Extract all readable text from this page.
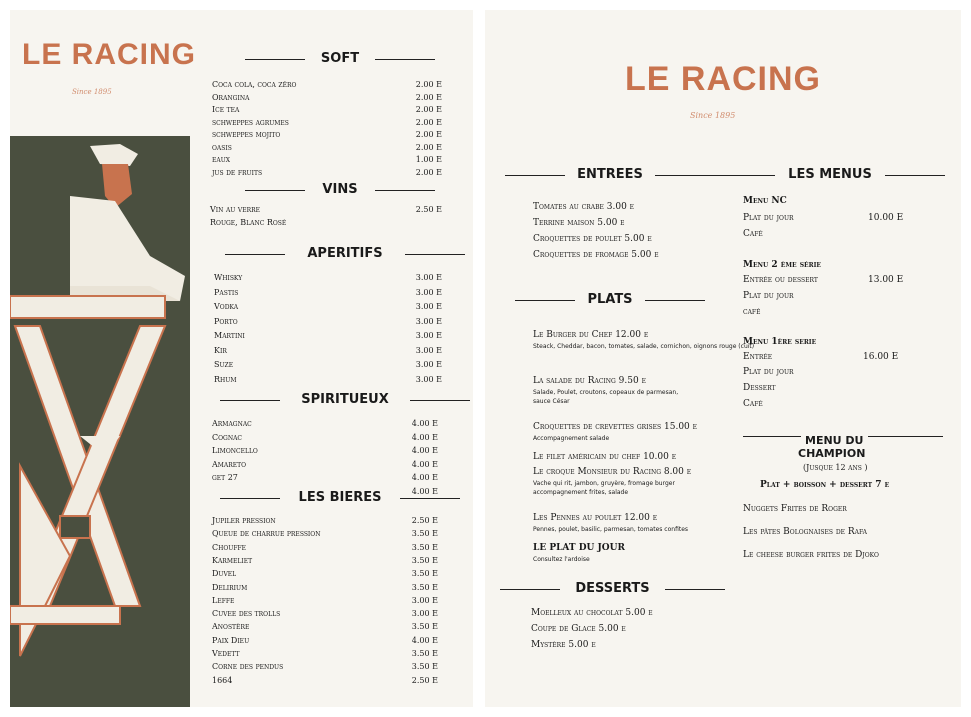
LE RACING
Since 1895
SOFT
VINS
APERITIFS
SPIRITUEUX
LES BIERES
Coca cola, coca zêro	2.00 E
Orangina	2.00 E
Ice tea	2.00 E
schweppes agrumes	2.00 E
schweppes mojito	2.00 E
oasis	2.00 E
eaux	1.00 E
jus de fruits	2.00 E
Vin au verre	2.50 E
Rouge, Blanc Rosé
Whisky	3.00 E
Pastis	3.00 E
Vodka	3.00 E
Porto	3.00 E
Martini	3.00 E
Kir	3.00 E
Suze	3.00 E
Rhum	3.00 E
Armagnac	4.00 E
Cognac	4.00 E
Limoncello	4.00 E
Amareto	4.00 E
get 27	4.00 E
4.00 E
Jupiler pression	2.50 E
Queue de charrue pression	3.50 E
Chouffe	3.50 E
Karmeliet	3.50 E
Duvel	3.50 E
Delirium	3.50 E
Leffe	3.00 E
Cuvee des trolls	3.00 E
Anostère	3.50 E
Paix Dieu	4.00 E
Vedett	3.50 E
Corne des pendus	3.50 E
1664	2.50 E
LE RACING
Since 1895
ENTREES
PLATS
DESSERTS
LES MENUS
Menu NC
Plat du jour	10.00 E
Café
Menu 2 ème série
Entrée ou dessert	13.00 E
Plat du jour
café
Menu 1ère serie
Entrée	16.00 E
Plat du jour
Dessert
Café
MENU DU
CHAMPION
(Jusque 12 ans )
Plat + boisson + dessert 7 e
Tomates au crabe 3.00 e
Terrine maison 5.00 e
Croquettes de poulet 5.00 e
Croquettes de fromage 5.00 e
Le Burger du Chef 12.00 e
Steack, Cheddar, bacon, tomates, salade, cornichon, oignons rouge (cuit)
La salade du Racing 9.50 e
Salade, Poulet, croutons, copeaux de parmesan,
sauce César
Croquettes de crevettes grises 15.00 e
Accompagnement salade
Le filet américain du chef 10.00 e
Le croque Monsieur du Racing 8.00 e
Vache qui rit, jambon, gruyère, fromage burger
accompagnement frites, salade
Les Pennes au poulet 12.00 e
Pennes, poulet, basilic, parmesan, tomates confites
LE PLAT DU JOUR
Consultez l'ardoise
Moelleux au chocolat 5.00 e
Coupe de Glace 5.00 e
Mystère 5.00 e
Nuggets Frites de Roger
Les pâtes Bolognaises de Rafa
Le cheese burger frites de Djoko
